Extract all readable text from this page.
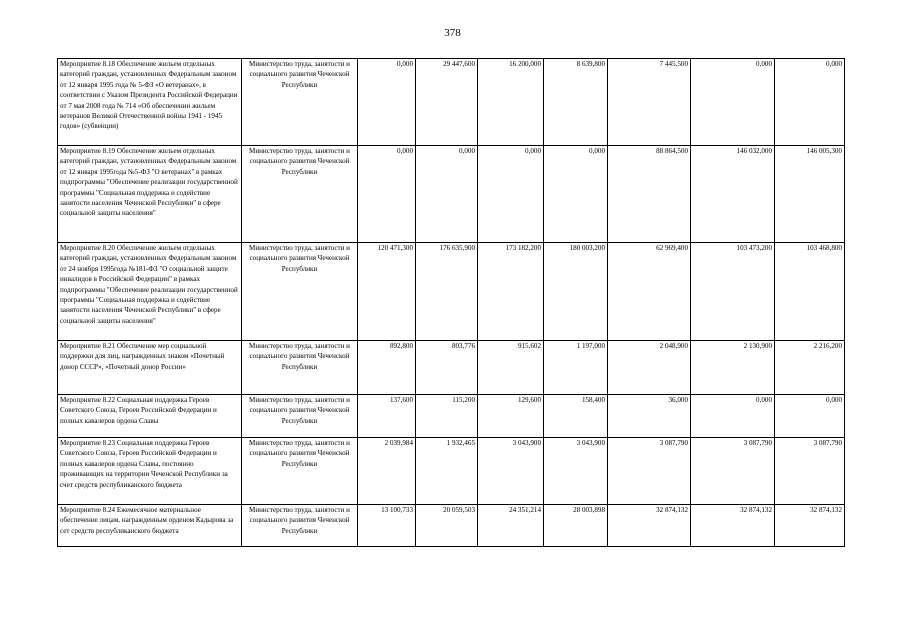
378
Мероприятие 8.18 Обеспечение жильем отдельных категорий граждан, установленных Федеральным законом от 12 января 1995 года № 5-ФЗ «О ветеранах», в соответствии с Указом Президента Российской Федерации от 7 мая 2008 года № 714 «Об обеспечении жильем ветеранов Великой Отечественной войны 1941 - 1945 годов» (субвенции)	Министерство труда, занятости и социального развития Чеченской Республики	0,000	29 447,600	16 200,000	8 639,800	7 445,500	0,000	0,000
Мероприятие 8.19 Обеспечение жильем отдельных категорий граждан, установленных Федеральным законом от 12 января 1995года №5-ФЗ "О ветеранах" в рамках подпрограммы "Обеспечение реализации государственной программы "Социальная поддержка и содействие занятости населения Чеченской Республики" в сфере социальной защиты населения"	Министерство труда, занятости и социального развития Чеченской Республики	0,000	0,000	0,000	0,000	88 864,500	146 032,000	146 005,300
Мероприятие 8.20 Обеспечение жильем отдельных категорий граждан, установленных Федеральным законом от 24 ноября 1995года №181-ФЗ "О социальной защите инвалидов в Российской Федерации" в рамках подпрограммы "Обеспечение реализации государственной программы "Социальная поддержка и содействие занятости населения Чеченской Республики" в сфере социальной защиты населения"	Министерство труда, занятости и социального развития Чеченской Республики	120 471,300	176 635,900	173 182,200	180 003,200	62 969,400	103 473,200	103 468,800
Мероприятие 8.21 Обеспечение мер социальной поддержки для лиц, награжденных знаком «Почетный донор СССР», «Почетный донор России»	Министерство труда, занятости и социального развития Чеченской Республики	892,800	803,776	915,602	1 197,000	2 048,900	2 130,900	2 216,200
Мероприятие 8.22 Социальная поддержка Героев Советского Союза, Героев Российской Федерации и полных кавалеров ордена Славы	Министерство труда, занятости и социального развития Чеченской Республики	137,600	115,200	129,600	158,400	36,000	0,000	0,000
Мероприятие 8.23 Социальная поддержка Героев Советского Союза, Героев Российской Федерации и полных кавалеров ордена Славы, постоянно проживающих на территории Чеченской Республики за счет средств республиканского бюджета	Министерство труда, занятости и социального развития Чеченской Республики	2 039,984	1 932,465	3 043,900	3 043,900	3 087,790	3 087,790	3 087,790
Мероприятие 8.24 Ежемесячное материальное обеспечение лицам, награжденным орденом Кадырова за сет средств республиканского бюджета	Министерство труда, занятости и социального развития Чеченской Республики	13 100,733	20 059,503	24 351,214	28 003,898	32 874,132	32 874,132	32 874,132
